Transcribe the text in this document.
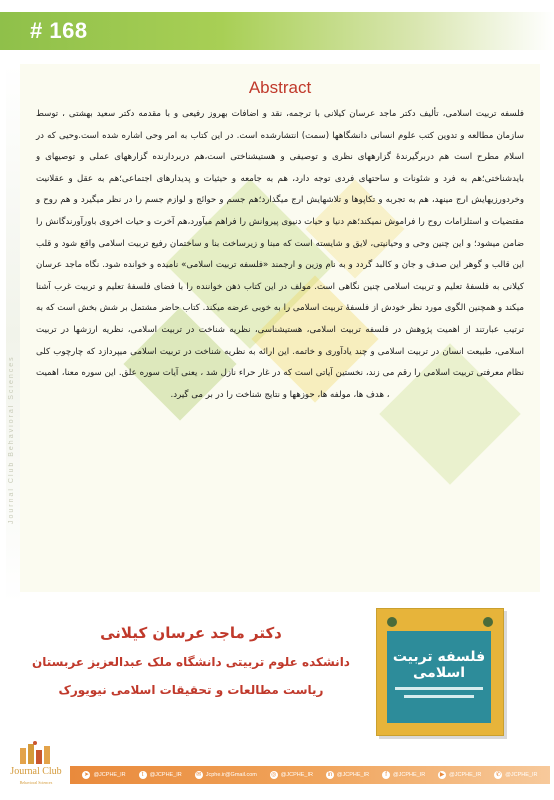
# 168
Journal Club Behavioral Sciences
Abstract
فلسفه تربیت اسلامی، تألیف دکتر ماجد عرسان کیلانی با ترجمه، نقد و اضافات بهروز رفیعی و با مقدمه دکتر سعید بهشتی ، توسط سازمان مطالعه و تدوین کتب علوم انسانی دانشگاهها (سمت) انتشارشده است. در این کتاب به امر وحی اشاره شده است.وحیی که در اسلام مطرح است هم دربرگیرندۀ گزارههای نظری و توصیفی و هستیشناختی است،هم دربردارنده گزارههای عملی و توصیهای و بایدشناختی؛هم به فرد و شئونات و ساحتهای فردی توجه دارد، هم به جامعه و حیثیات و پدیدارهای اجتماعی؛هم به عقل و عقلانیت وخردورزیهایش ارج مینهد، هم به تجربه و تکاپوها و تلاشهایش ارج میگذارد؛هم جسم و حوائج و لوازم جسم را در نظر میگیرد و هم روح و مقتضیات و استلزامات روح را فراموش نمیکند؛هم دنیا و حیات دنیوی پیروانش را فراهم میآورد،هم آخرت و حیات اخروی باورآورندگانش را ضامن میشود؛ و این چنین وحی و وحیانیتی، لایق و شایسته است که مبنا و زیرساخت بنا و ساختمان رفیع تربیت اسلامی واقع شود و قلب این قالب و گوهر این صدف و جان و کالبد گردد و به نام وزین و ارجمند «فلسفه تربیت اسلامی» نامیده و خوانده شود. نگاه ماجد عرسان کیلانی به فلسفۀ تعلیم و تربیت اسلامی چنین نگاهی است. مولف در این کتاب ذهن خواننده را با فضای فلسفۀ تعلیم و تربیت غرب آشنا میکند و همچنین الگوی مورد نظر خودش از فلسفۀ تربیت اسلامی را به خوبی عرضه میکند. کتاب حاضر مشتمل بر شش بخش است که به ترتیب عبارتند از اهمیت پژوهش در فلسفه تربیت اسلامی، هستیشناسی، نظریه شناخت در تربیت اسلامی، نظریه ارزشها در تربیت اسلامی، طبیعت انسان در تربیت اسلامی و چند یادآوری و خاتمه. این ارائه به نظریه شناخت در تربیت اسلامی میپردازد که چارچوب کلی نظام معرفتی تربیت اسلامی را رقم می زند، نخستین آیاتی است که در غار حراء نازل شد ، یعنی آیات سوره علق. این سوره معنا، اهمیت ، هدف ها، مولفه ها، حوزهها و نتایج شناخت را در بر می گیرد.
دکتر ماجد عرسان کیلانی
دانشکده علوم تربیتی دانشگاه ملک عبدالعزیز عربستان
ریاست مطالعات و تحقیقات اسلامی نیویورک
فلسفه تربیت اسلامی
Journal Club
Behavioral Sciences
➤ @JCPHE_IR	t	@JCPHE_IR ✉ Jcphe.ir@Gmail.com ◎ @JCPHE_IR in @JCPHE_IR	f	@JCPHE_IR ▶ @JCPHE_IR ✆ @JCPHE_IR
